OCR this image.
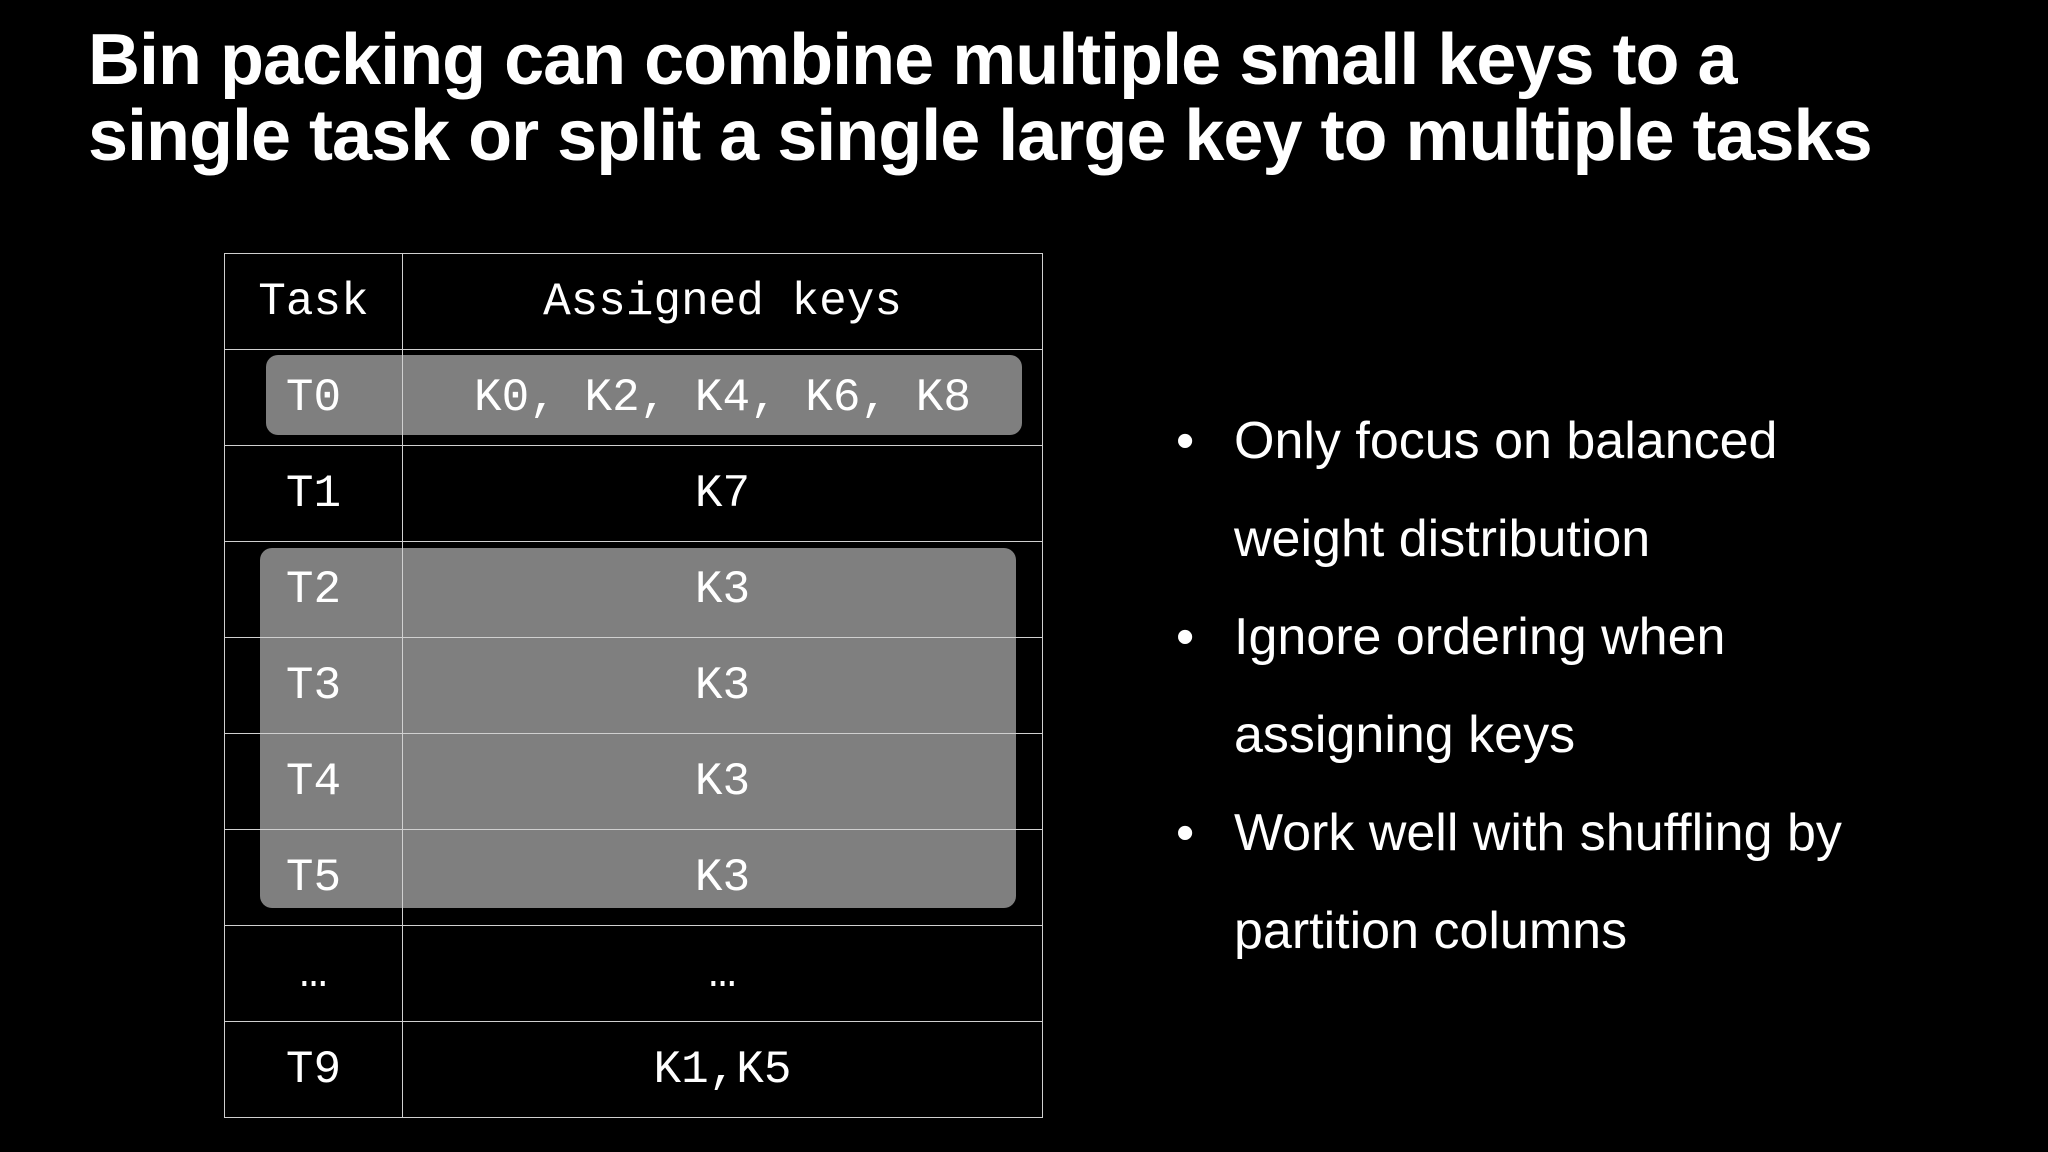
Bin packing can combine multiple small keys to a
single task or split a single large key to multiple tasks
Task	Assigned keys
T0	K0, K2, K4, K6, K8
T1	K7
T2	K3
T3	K3
T4	K3
T5	K3
…	…
T9	K1,K5
• Only focus on balanced
weight distribution
• Ignore ordering when
assigning keys
• Work well with shuffling by
partition columns
